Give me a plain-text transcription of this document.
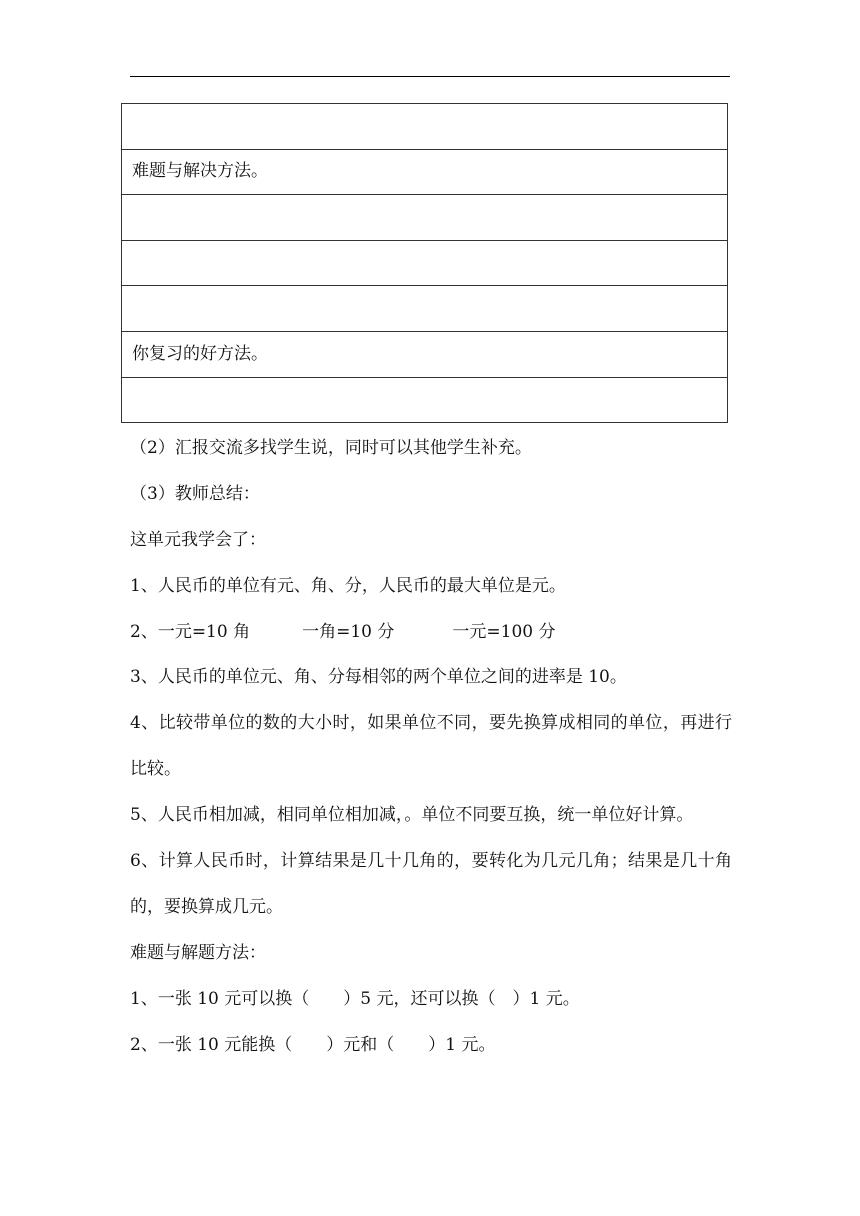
难题与解决方法。

你复习的好方法。

（2）汇报交流多找学生说，同时可以其他学生补充。
（3）教师总结：
这单元我学会了：
1、人民币的单位有元、角、分，人民币的最大单位是元。
2、一元=10 角	一角=10 分	一元=100 分
3、人民币的单位元、角、分每相邻的两个单位之间的进率是 10。
4、比较带单位的数的大小时，如果单位不同，要先换算成相同的单位，再进行比较。
5、人民币相加减，相同单位相加减，。单位不同要互换，统一单位好计算。
6、计算人民币时，计算结果是几十几角的，要转化为几元几角；结果是几十角的，要换算成几元。
难题与解题方法：
1、一张 10 元可以换（　　）5 元，还可以换（　）1 元。
2、一张 10 元能换（　　）元和（　　）1 元。
